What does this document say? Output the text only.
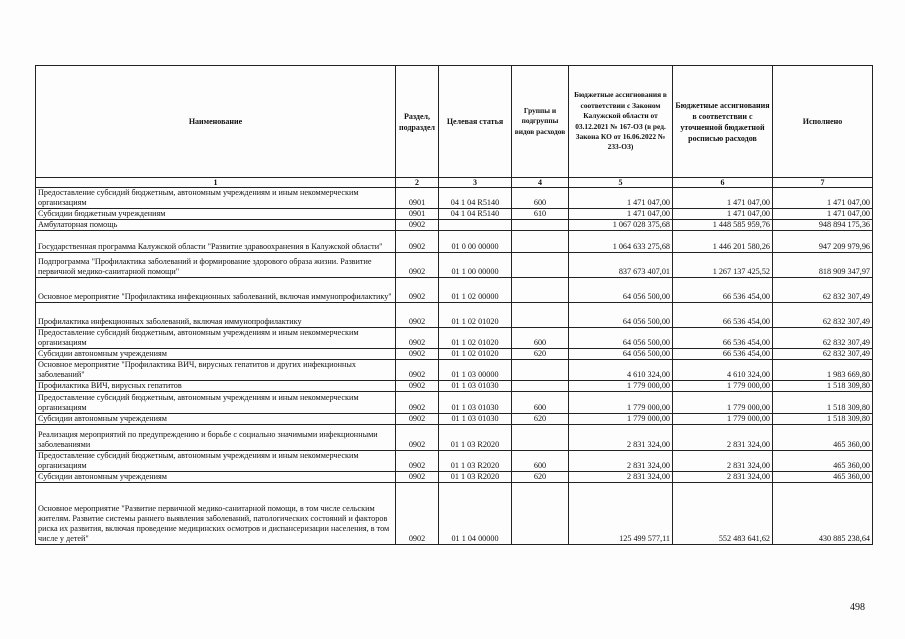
Наименование	Раздел, подраздел	Целевая статья	Группы и подгруппы видов расходов	Бюджетные ассигнования в соответствии с Законом Калужской области от 03.12.2021 № 167-ОЗ (в ред. Закона КО от 16.06.2022 № 233-ОЗ)	Бюджетные ассигнования в соответствии с уточненной бюджетной росписью расходов	Исполнено
1	2	3	4	5	6	7
Предоставление субсидий бюджетным, автономным учреждениям и иным некоммерческим организациям	0901	04 1 04 R5140	600	1 471 047,00	1 471 047,00	1 471 047,00
Субсидии бюджетным учреждениям	0901	04 1 04 R5140	610	1 471 047,00	1 471 047,00	1 471 047,00
Амбулаторная помощь	0902			1 067 028 375,68	1 448 585 959,76	948 894 175,36
Государственная программа Калужской области "Развитие здравоохранения в Калужской области"	0902	01 0 00 00000		1 064 633 275,68	1 446 201 580,26	947 209 979,96
Подпрограмма "Профилактика заболеваний и формирование здорового образа жизни. Развитие первичной медико-санитарной помощи"	0902	01 1 00 00000		837 673 407,01	1 267 137 425,52	818 909 347,97
Основное мероприятие "Профилактика инфекционных заболеваний, включая иммунопрофилактику"	0902	01 1 02 00000		64 056 500,00	66 536 454,00	62 832 307,49
Профилактика инфекционных заболеваний, включая иммунопрофилактику	0902	01 1 02 01020		64 056 500,00	66 536 454,00	62 832 307,49
Предоставление субсидий бюджетным, автономным учреждениям и иным некоммерческим организациям	0902	01 1 02 01020	600	64 056 500,00	66 536 454,00	62 832 307,49
Субсидии автономным учреждениям	0902	01 1 02 01020	620	64 056 500,00	66 536 454,00	62 832 307,49
Основное мероприятие "Профилактика ВИЧ, вирусных гепатитов и других инфекционных заболеваний"	0902	01 1 03 00000		4 610 324,00	4 610 324,00	1 983 669,80
Профилактика ВИЧ, вирусных гепатитов	0902	01 1 03 01030		1 779 000,00	1 779 000,00	1 518 309,80
Предоставление субсидий бюджетным, автономным учреждениям и иным некоммерческим организациям	0902	01 1 03 01030	600	1 779 000,00	1 779 000,00	1 518 309,80
Субсидии автономным учреждениям	0902	01 1 03 01030	620	1 779 000,00	1 779 000,00	1 518 309,80
Реализация мероприятий по предупреждению и борьбе с социально значимыми инфекционными заболеваниями	0902	01 1 03 R2020		2 831 324,00	2 831 324,00	465 360,00
Предоставление субсидий бюджетным, автономным учреждениям и иным некоммерческим организациям	0902	01 1 03 R2020	600	2 831 324,00	2 831 324,00	465 360,00
Субсидии автономным учреждениям	0902	01 1 03 R2020	620	2 831 324,00	2 831 324,00	465 360,00
Основное мероприятие "Развитие первичной медико-санитарной помощи, в том числе сельским жителям. Развитие системы раннего выявления заболеваний, патологических состояний и факторов риска их развития, включая проведение медицинских осмотров и диспансеризации населения, в том числе у детей"	0902	01 1 04 00000		125 499 577,11	552 483 641,62	430 885 238,64
498
